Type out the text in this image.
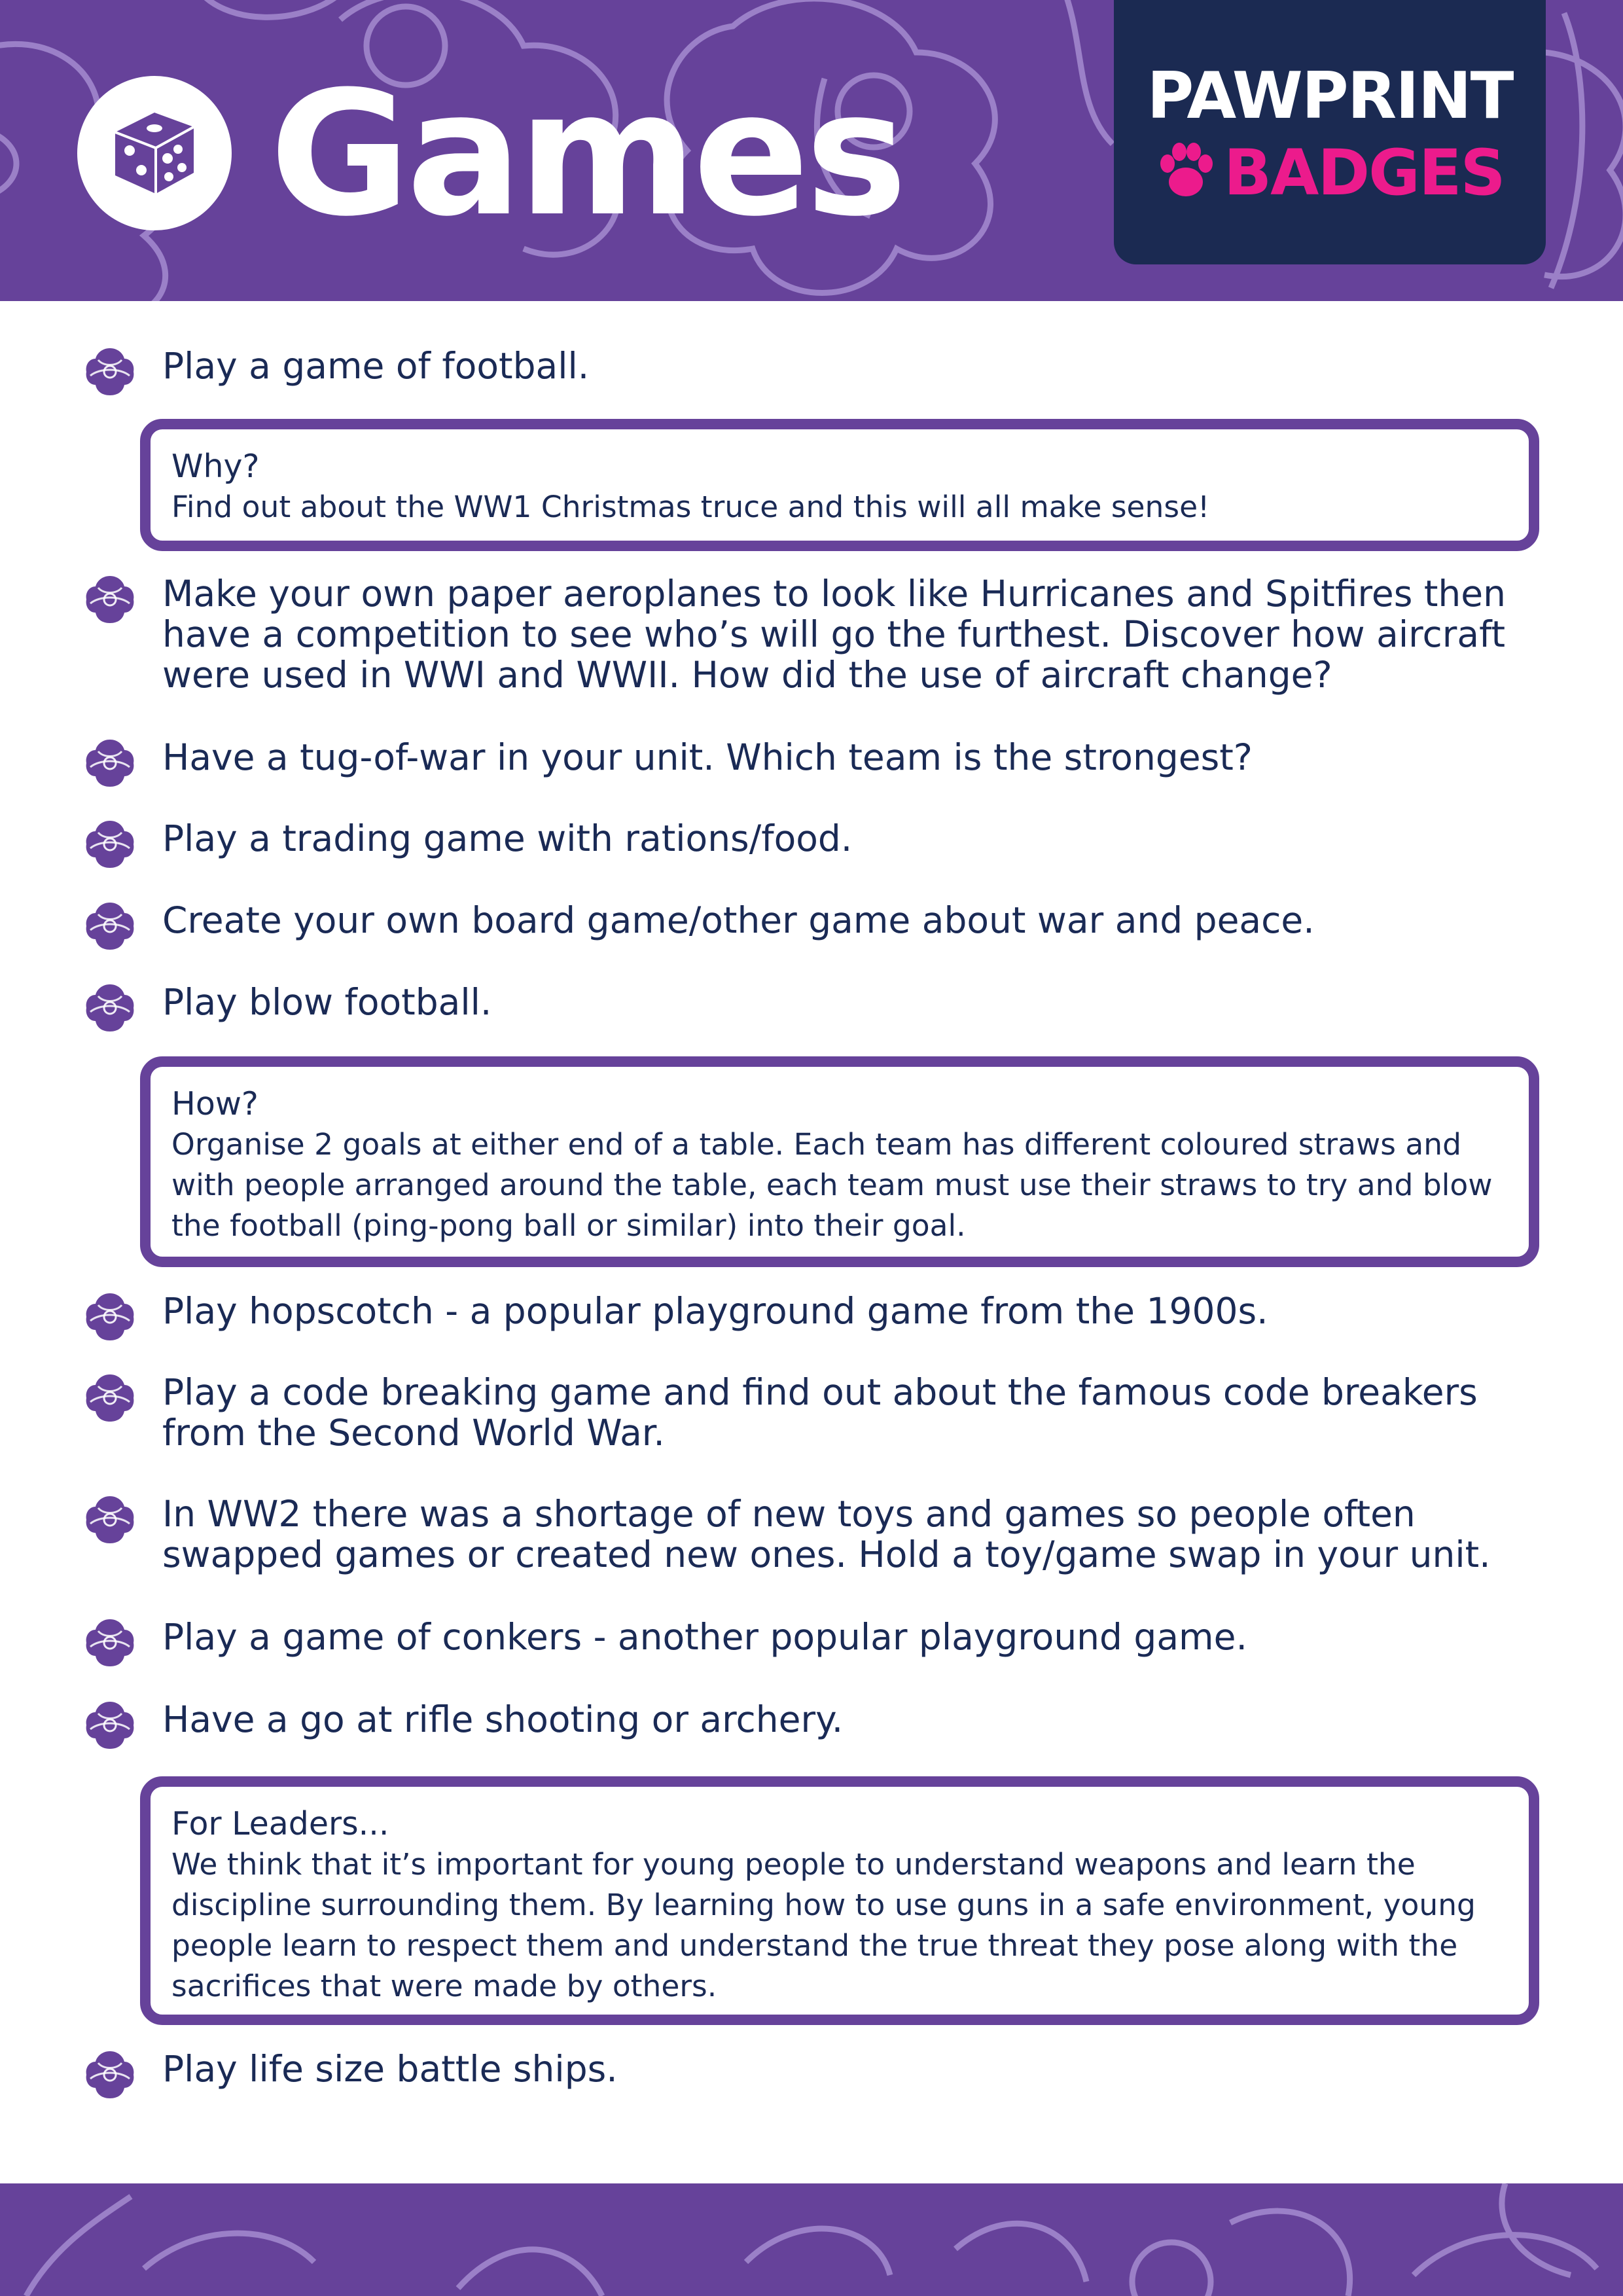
Games	PAWPRINT
BADGES
Play a game of football.
Why?
Find out about the WW1 Christmas truce and this will all make sense!
Make your own paper aeroplanes to look like Hurricanes and Spitfires then have a competition to see who’s will go the furthest. Discover how aircraft were used in WWI and WWII. How did the use of aircraft change?
Have a tug-of-war in your unit. Which team is the strongest?
Play a trading game with rations/food.
Create your own board game/other game about war and peace.
Play blow football.
How?
Organise 2 goals at either end of a table. Each team has different coloured straws and with people arranged around the table, each team must use their straws to try and blow the football (ping-pong ball or similar) into their goal.
Play hopscotch - a popular playground game from the 1900s.
Play a code breaking game and find out about the famous code breakers from the Second World War.
In WW2 there was a shortage of new toys and games so people often swapped games or created new ones. Hold a toy/game swap in your unit.
Play a game of conkers - another popular playground game.
Have a go at rifle shooting or archery.
For Leaders...
We think that it’s important for young people to understand weapons and learn the discipline surrounding them. By learning how to use guns in a safe environment, young people learn to respect them and understand the true threat they pose along with the sacrifices that were made by others.
Play life size battle ships.
